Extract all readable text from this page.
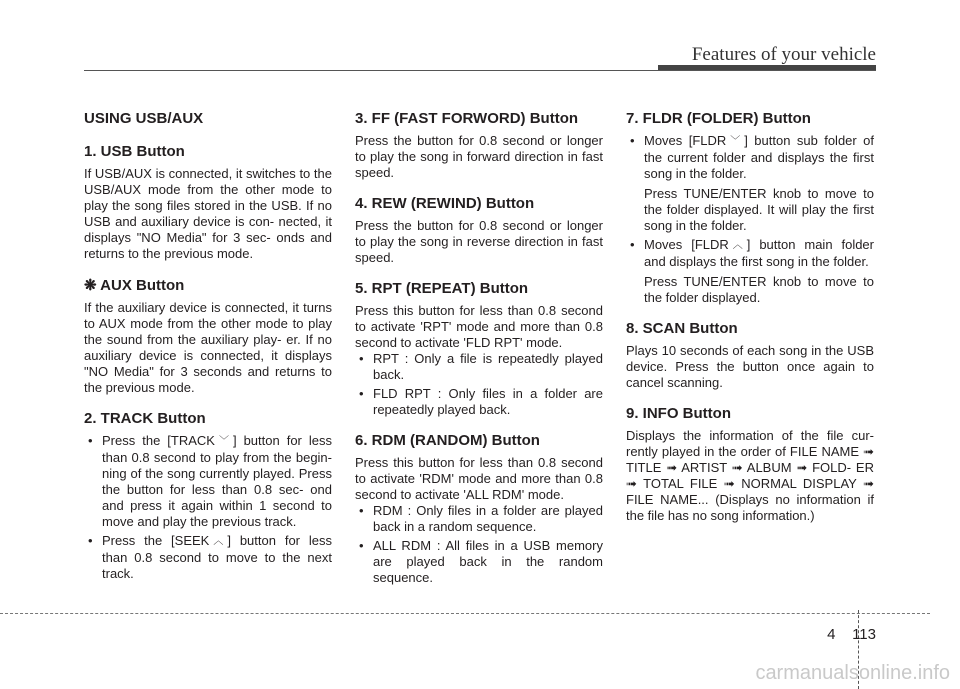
Features of your vehicle
USING USB/AUX
1. USB Button

If USB/AUX is connected, it switches to the USB/AUX mode from the other mode to play the song files stored in the USB. If no USB and auxiliary device is con- nected, it displays "NO Media" for 3 sec- onds and returns to the previous mode.

❋ AUX Button

If the auxiliary device is connected, it turns to AUX mode from the other mode to play the sound from the auxiliary play- er. If no auxiliary device is connected, it displays "NO Media" for 3 seconds and returns to the previous mode.

2. TRACK Button
• Press the [TRACK ﹀ ] button for less than 0.8 second to play from the begin- ning of the song currently played. Press the button for less than 0.8 sec- ond and press it again within 1 second to move and play the previous track.
• Press the [SEEK ︿ ] button for less than 0.8 second to move to the next track.
3. FF (FAST FORWORD) Button

Press the button for 0.8 second or longer to play the song in forward direction in fast speed.

4. REW (REWIND) Button

Press the button for 0.8 second or longer to play the song in reverse direction in fast speed.

5. RPT (REPEAT) Button

Press this button for less than 0.8 second to activate 'RPT' mode and more than 0.8 second to activate 'FLD RPT' mode.

• RPT : Only a file is repeatedly played back.
• FLD RPT : Only files in a folder are repeatedly played back.
6. RDM (RANDOM) Button

Press this button for less than 0.8 second to activate 'RDM' mode and more than 0.8 second to activate 'ALL RDM' mode.

• RDM : Only files in a folder are played back in a random sequence.
• ALL RDM : All files in a USB memory are played back in the random sequence.
7. FLDR (FOLDER) Button
• Moves [FLDR ﹀ ] button sub folder of the current folder and displays the first song in the folder.
Press TUNE/ENTER knob to move to the folder displayed. It will play the first song in the folder.
• Moves [FLDR ︿ ] button main folder and displays the first song in the folder.
Press TUNE/ENTER knob to move to the folder displayed.
8. SCAN Button

Plays 10 seconds of each song in the USB device. Press the button once again to cancel scanning.

9. INFO Button

Displays the information of the file cur- rently played in the order of FILE NAME ➟ TITLE ➟ ARTIST ➟ ALBUM ➟ FOLD- ER ➟ TOTAL FILE ➟ NORMAL DISPLAY ➟ FILE NAME... (Displays no information if the file has no song information.)

4 113
carmanualsonline.info
